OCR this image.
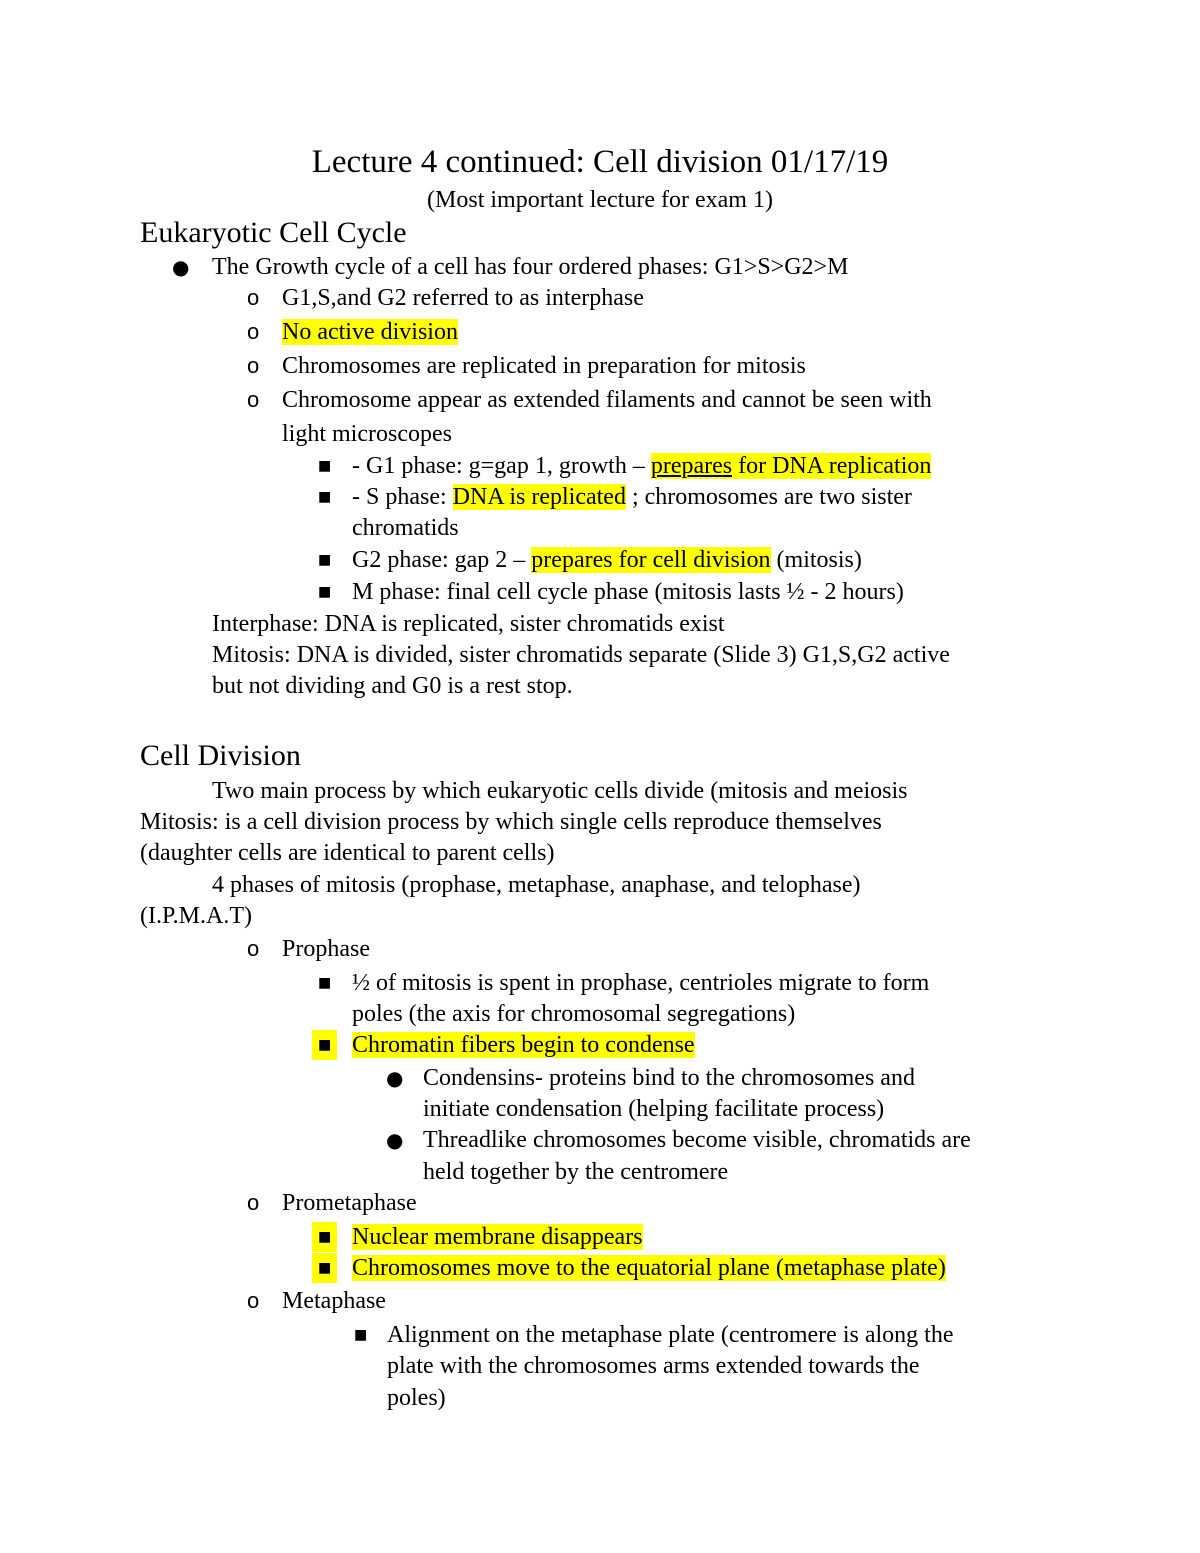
Lecture 4 continued: Cell division 01/17/19
(Most important lecture for exam 1)
Eukaryotic Cell Cycle
● The Growth cycle of a cell has four ordered phases: G1>S>G2>M
o G1,S,and G2 referred to as interphase
o No active division
o Chromosomes are replicated in preparation for mitosis
o Chromosome appear as extended filaments and cannot be seen with
light microscopes
■ - G1 phase: g=gap 1, growth – prepares for DNA replication
■ - S phase: DNA is replicated ; chromosomes are two sister
chromatids
■ G2 phase: gap 2 – prepares for cell division (mitosis)
■ M phase: final cell cycle phase (mitosis lasts ½ - 2 hours)
Interphase: DNA is replicated, sister chromatids exist
Mitosis: DNA is divided, sister chromatids separate (Slide 3) G1,S,G2 active
but not dividing and G0 is a rest stop.
Cell Division
Two main process by which eukaryotic cells divide (mitosis and meiosis
Mitosis: is a cell division process by which single cells reproduce themselves
(daughter cells are identical to parent cells)
4 phases of mitosis (prophase, metaphase, anaphase, and telophase)
(I.P.M.A.T)
o Prophase
■ ½ of mitosis is spent in prophase, centrioles migrate to form
poles (the axis for chromosomal segregations)
■ Chromatin fibers begin to condense
● Condensins- proteins bind to the chromosomes and
initiate condensation (helping facilitate process)
● Threadlike chromosomes become visible, chromatids are
held together by the centromere
o Prometaphase
■ Nuclear membrane disappears
■ Chromosomes move to the equatorial plane (metaphase plate)
o Metaphase
■ Alignment on the metaphase plate (centromere is along the
plate with the chromosomes arms extended towards the
poles)
